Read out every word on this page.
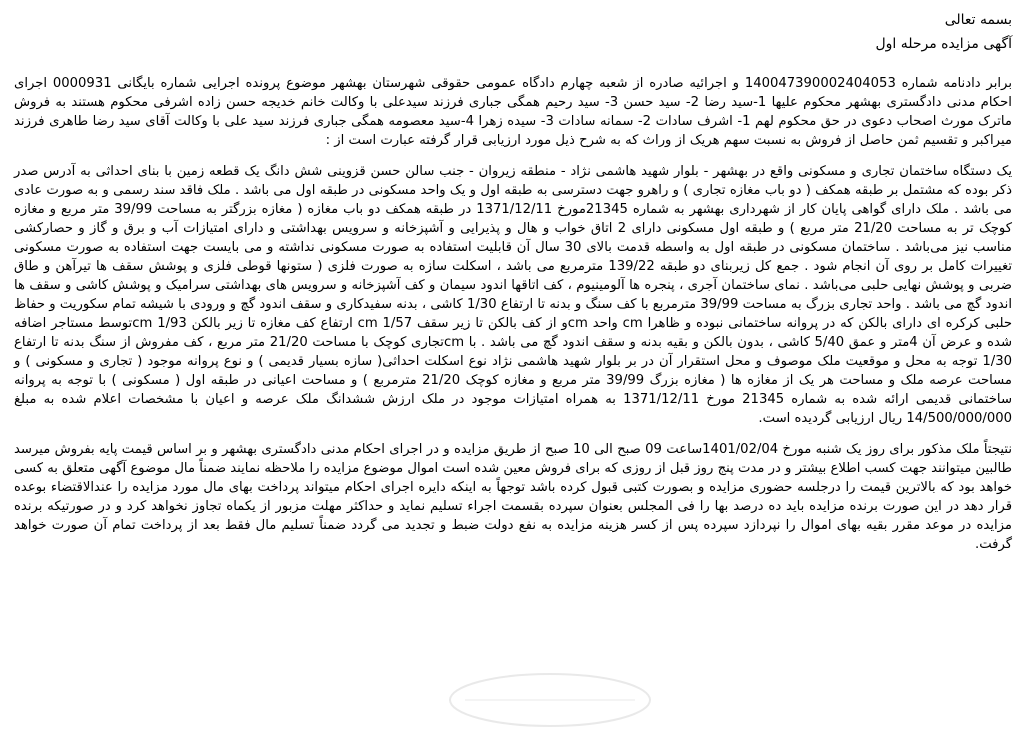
بسمه تعالی

آگهی مزایده مرحله اول

برابر دادنامه شماره 140047390002404053 و اجرائیه صادره از شعبه چهارم دادگاه عمومی حقوقی شهرستان بهشهر موضوع پرونده اجرایی شماره بایگانی 0000931 اجرای احکام مدنی دادگستری بهشهر محکوم علیها 1-سید رضا 2- سید حسن 3- سید رحیم همگی جباری فرزند سیدعلی با وکالت خانم خدیجه حسن زاده اشرفی محکوم هستند به فروش ماترک مورث اصحاب دعوی در حق محکوم لهم 1- اشرف سادات 2- سمانه سادات 3- سیده زهرا 4-سید معصومه همگی جباری فرزند سید علی با وکالت آقای سید رضا طاهری فرزند میراکبر و تقسیم ثمن حاصل از فروش به نسبت سهم هریک از وراث که به شرح ذیل مورد ارزیابی قرار گرفته عبارت است از :

یک دستگاه ساختمان تجاری و مسکونی واقع در بهشهر - بلوار شهید هاشمی نژاد - منطقه زیروان - جنب سالن حسن قزوینی شش دانگ یک قطعه زمین با بنای احداثی به آدرس صدر ذکر بوده که مشتمل بر طبقه همکف ( دو باب مغازه تجاری ) و راهرو جهت دسترسی به طبقه اول و یک واحد مسکونی در طبقه اول می باشد . ملک فاقد سند رسمی و به صورت عادی می باشد . ملک دارای گواهی پایان کار از شهرداری بهشهر به شماره 21345مورخ 1371/12/11 در طبقه همکف دو باب مغازه ( مغازه بزرگتر به مساحت 39/99 متر مربع و مغازه کوچک تر به مساحت 21/20 متر مربع ) و طبقه اول مسکونی دارای 2 اتاق خواب و هال و پذیرایی و آشپزخانه و سرویس بهداشتی و دارای امتیازات آب و برق و گاز و حصارکشی مناسب نیز می‌باشد . ساختمان مسکونی در طبقه اول به واسطه قدمت بالای 30 سال آن قابلیت استفاده به صورت مسکونی نداشته و می بایست جهت استفاده به صورت مسکونی تغییرات کامل بر روی آن انجام شود . جمع کل زیربنای دو طبقه 139/22 مترمربع می باشد ، اسکلت سازه به صورت فلزی ( ستونها قوطی فلزی و پوشش سقف ها تیرآهن و طاق ضربی و پوشش نهایی حلبی می‌باشد . نمای ساختمان آجری ، پنجره ها آلومینیوم ، کف اتاقها اندود سیمان و کف آشپزخانه و سرویس های بهداشتی سرامیک و پوشش کاشی و سقف ها اندود گچ می باشد . واحد تجاری بزرگ به مساحت 39/99 مترمربع با کف سنگ و بدنه تا ارتفاع 1/30 کاشی ، بدنه سفیدکاری و سقف اندود گچ و ورودی با شیشه تمام سکوریت و حفاظ حلبی کرکره ای دارای بالکن که در پروانه ساختمانی نبوده و ظاهرا cm واحد cmو از کف بالکن تا زیر سقف 1/57 cm ارتفاع کف مغازه تا زیر بالکن 1/93 cmتوسط مستاجر اضافه شده و عرض آن 4متر و عمق 5/40 کاشی ، بدون بالکن و بقیه بدنه و سقف اندود گچ می باشد . با cmتجاری کوچک با مساحت 21/20 متر مربع ، کف مفروش از سنگ بدنه تا ارتفاع 1/30 توجه به محل و موقعیت ملک موصوف و محل استقرار آن در بر بلوار شهید هاشمی نژاد نوع اسکلت احداثی( سازه بسیار قدیمی ) و نوع پروانه موجود ( تجاری و مسکونی ) و مساحت عرصه ملک و مساحت هر یک از مغازه ها ( مغازه بزرگ 39/99 متر مربع و مغازه کوچک 21/20 مترمربع ) و مساحت اعیانی در طبقه اول ( مسکونی ) با توجه به پروانه ساختمانی قدیمی ارائه شده به شماره 21345 مورخ 1371/12/11 به همراه امتیازات موجود در ملک ارزش ششدانگ ملک عرصه و اعیان با مشخصات اعلام شده به مبلغ 14/500/000/000 ریال ارزیابی گردیده است.

نتیجتاً ملک مذکور برای روز یک شنبه مورخ 1401/02/04ساعت 09 صبح الی 10 صبح از طریق مزایده و در اجرای احکام مدنی دادگستری بهشهر و بر اساس قیمت پایه بفروش میرسد طالبین میتوانند جهت کسب اطلاع بیشتر و در مدت پنج روز قبل از روزی که برای فروش معین شده است اموال موضوع مزایده را ملاحظه نمایند ضمناً مال موضوع آگهی متعلق به کسی خواهد بود که بالاترین قیمت را درجلسه حضوری مزایده و بصورت کتبی قبول کرده باشد توجهاً به اینکه دایره اجرای احکام میتواند پرداخت بهای مال مورد مزایده را عندالاقتضاء بوعده قرار دهد در این صورت برنده مزایده باید ده درصد بها را فی المجلس بعنوان سپرده بقسمت اجراء تسلیم نماید و حداکثر مهلت مزبور از یکماه تجاوز نخواهد کرد و در صورتیکه برنده مزایده در موعد مقرر بقیه بهای اموال را نپردازد سپرده پس از کسر هزینه مزایده به نفع دولت ضبط و تجدید می گردد ضمناً تسلیم مال فقط بعد از پرداخت تمام آن صورت خواهد گرفت.
